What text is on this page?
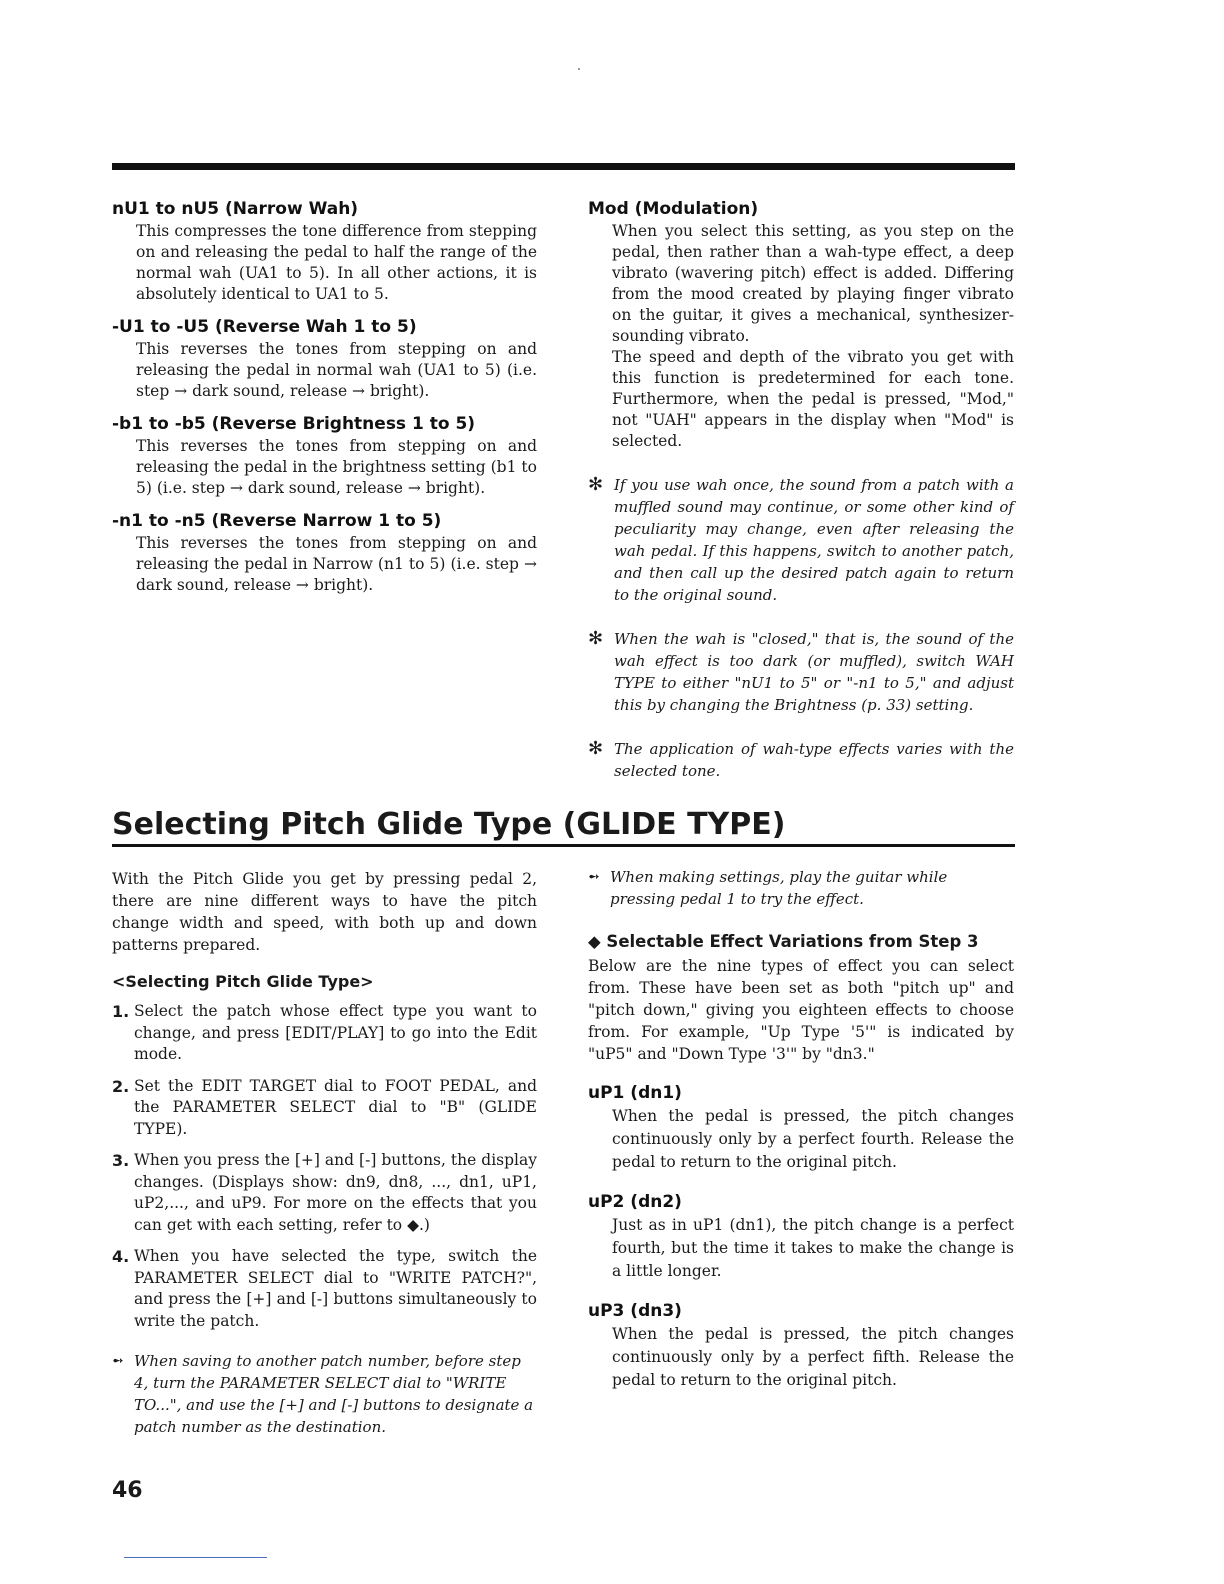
nU1 to nU5 (Narrow Wah)
This compresses the tone difference from stepping on and releasing the pedal to half the range of the normal wah (UA1 to 5). In all other actions, it is absolutely identical to UA1 to 5.
-U1 to -U5 (Reverse Wah 1 to 5)
This reverses the tones from stepping on and releasing the pedal in normal wah (UA1 to 5) (i.e. step → dark sound, release → bright).
-b1 to -b5 (Reverse Brightness 1 to 5)
This reverses the tones from stepping on and releasing the pedal in the brightness setting (b1 to 5) (i.e. step → dark sound, release → bright).
-n1 to -n5 (Reverse Narrow 1 to 5)
This reverses the tones from stepping on and releasing the pedal in Narrow (n1 to 5) (i.e. step → dark sound, release → bright).
Mod (Modulation)

When you select this setting, as you step on the pedal, then rather than a wah-type effect, a deep vibrato (wavering pitch) effect is added. Differing from the mood created by playing finger vibrato on the guitar, it gives a mechanical, synthesizer-sounding vibrato.

The speed and depth of the vibrato you get with this function is predetermined for each tone. Furthermore, when the pedal is pressed, "Mod," not "UAH" appears in the display when "Mod" is selected.

✻ If you use wah once, the sound from a patch with a muffled sound may continue, or some other kind of peculiarity may change, even after releasing the wah pedal. If this happens, switch to another patch, and then call up the desired patch again to return to the original sound.
✻ When the wah is "closed," that is, the sound of the wah effect is too dark (or muffled), switch WAH TYPE to either "nU1 to 5" or "-n1 to 5," and adjust this by changing the Brightness (p. 33) setting.
✻ The application of wah-type effects varies with the selected tone.
Selecting Pitch Glide Type (GLIDE TYPE)
With the Pitch Glide you get by pressing pedal 2, there are nine different ways to have the pitch change width and speed, with both up and down patterns prepared.
<Selecting Pitch Glide Type>
1. Select the patch whose effect type you want to change, and press [EDIT/PLAY] to go into the Edit mode.
2. Set the EDIT TARGET dial to FOOT PEDAL, and the PARAMETER SELECT dial to "B" (GLIDE TYPE).
3. When you press the [+] and [-] buttons, the display changes. (Displays show: dn9, dn8, ..., dn1, uP1, uP2,..., and uP9. For more on the effects that you can get with each setting, refer to ◆.)
4. When you have selected the type, switch the PARAMETER SELECT dial to "WRITE PATCH?", and press the [+] and [-] buttons simultaneously to write the patch.
➻ When saving to another patch number, before step 4, turn the PARAMETER SELECT dial to "WRITE TO...", and use the [+] and [-] buttons to designate a patch number as the destination.
➻ When making settings, play the guitar while pressing pedal 1 to try the effect.
◆ Selectable Effect Variations from Step 3
Below are the nine types of effect you can select from. These have been set as both "pitch up" and "pitch down," giving you eighteen effects to choose from. For example, "Up Type '5'" is indicated by "uP5" and "Down Type '3'" by "dn3."
uP1 (dn1)
When the pedal is pressed, the pitch changes continuously only by a perfect fourth. Release the pedal to return to the original pitch.
uP2 (dn2)
Just as in uP1 (dn1), the pitch change is a perfect fourth, but the time it takes to make the change is a little longer.
uP3 (dn3)
When the pedal is pressed, the pitch changes continuously only by a perfect fifth. Release the pedal to return to the original pitch.
46
